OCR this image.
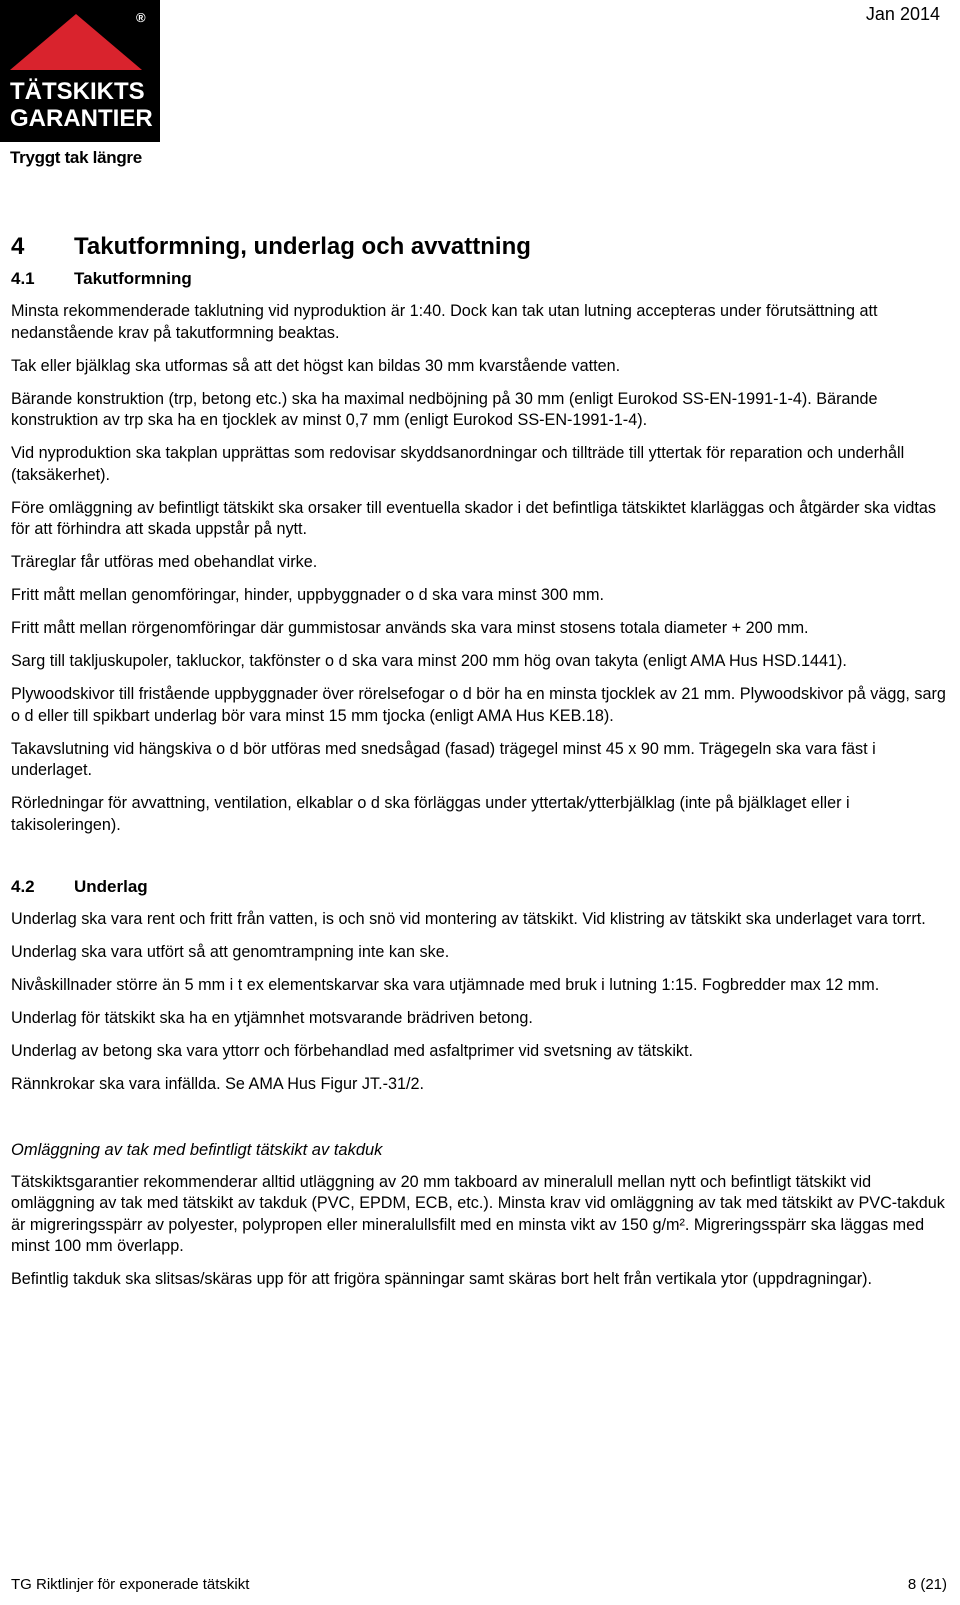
®
TÄTSKIKTS
GARANTIER
Tryggt tak längre
Jan 2014
4	Takutformning, underlag och avvattning
4.1	Takutformning

Minsta rekommenderade taklutning vid nyproduktion är 1:40. Dock kan tak utan lutning accepteras under förutsättning att nedanstående krav på takutformning beaktas.

Tak eller bjälklag ska utformas så att det högst kan bildas 30 mm kvarstående vatten.

Bärande konstruktion (trp, betong etc.) ska ha maximal nedböjning på 30 mm (enligt Eurokod SS-EN-1991-1-4). Bärande konstruktion av trp ska ha en tjocklek av minst 0,7 mm (enligt Eurokod SS-EN-1991-1-4).

Vid nyproduktion ska takplan upprättas som redovisar skyddsanordningar och tillträde till yttertak för reparation och underhåll (taksäkerhet).

Före omläggning av befintligt tätskikt ska orsaker till eventuella skador i det befintliga tätskiktet klarläggas och åtgärder ska vidtas för att förhindra att skada uppstår på nytt.

Träreglar får utföras med obehandlat virke.

Fritt mått mellan genomföringar, hinder, uppbyggnader o d ska vara minst 300 mm.

Fritt mått mellan rörgenomföringar där gummistosar används ska vara minst stosens totala diameter + 200 mm.

Sarg till takljuskupoler, takluckor, takfönster o d ska vara minst 200 mm hög ovan takyta (enligt AMA Hus HSD.1441).

Plywoodskivor till fristående uppbyggnader över rörelsefogar o d bör ha en minsta tjocklek av 21 mm. Plywoodskivor på vägg, sarg o d eller till spikbart underlag bör vara minst 15 mm tjocka (enligt AMA Hus KEB.18).

Takavslutning vid hängskiva o d bör utföras med snedsågad (fasad) trägegel minst 45 x 90 mm. Trägegeln ska vara fäst i underlaget.

Rörledningar för avvattning, ventilation, elkablar o d ska förläggas under yttertak/ytterbjälklag (inte på bjälklaget eller i takisoleringen).

4.2	Underlag

Underlag ska vara rent och fritt från vatten, is och snö vid montering av tätskikt. Vid klistring av tätskikt ska underlaget vara torrt.

Underlag ska vara utfört så att genomtrampning inte kan ske.

Nivåskillnader större än 5 mm i t ex elementskarvar ska vara utjämnade med bruk i lutning 1:15. Fogbredder max 12 mm.

Underlag för tätskikt ska ha en ytjämnhet motsvarande brädriven betong.

Underlag av betong ska vara yttorr och förbehandlad med asfaltprimer vid svetsning av tätskikt.

Rännkrokar ska vara infällda. Se AMA Hus Figur JT.-31/2.

Omläggning av tak med befintligt tätskikt av takduk

Tätskiktsgarantier rekommenderar alltid utläggning av 20 mm takboard av mineralull mellan nytt och befintligt tätskikt vid omläggning av tak med tätskikt av takduk (PVC, EPDM, ECB, etc.). Minsta krav vid omläggning av tak med tätskikt av PVC-takduk är migreringsspärr av polyester, polypropen eller mineralullsfilt med en minsta vikt av 150 g/m². Migreringsspärr ska läggas med minst 100 mm överlapp.

Befintlig takduk ska slitsas/skäras upp för att frigöra spänningar samt skäras bort helt från vertikala ytor (uppdragningar).

TG Riktlinjer för exponerade tätskikt	8 (21)
